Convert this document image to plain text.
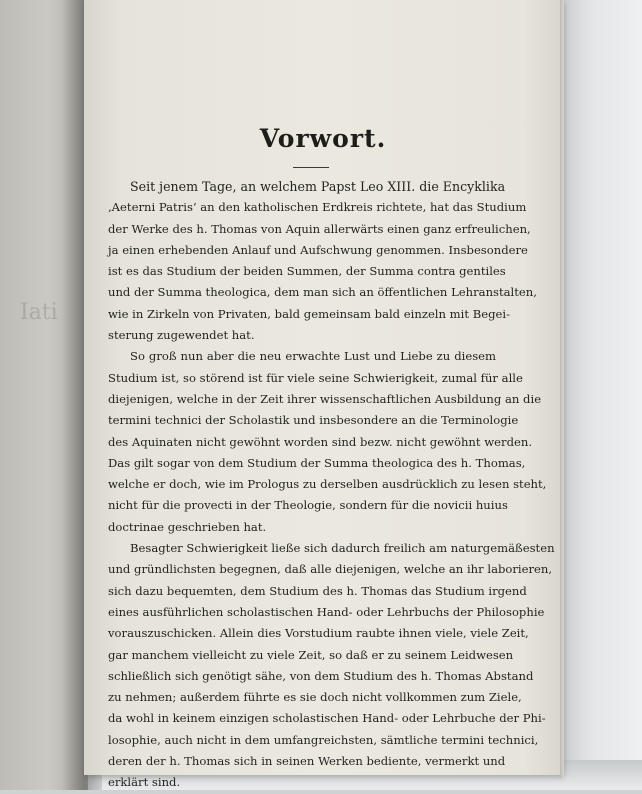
Iati
Vorwort.
Seit jenem Tage, an welchem Papst Leo XIII. die Encyklika
‚Aeterni Patris‘ an den katholischen Erdkreis richtete, hat das Studium
der Werke des h. Thomas von Aquin allerwärts einen ganz erfreulichen,
ja einen erhebenden Anlauf und Aufschwung genommen. Insbesondere
ist es das Studium der beiden Summen, der Summa contra gentiles
und der Summa theologica, dem man sich an öffentlichen Lehranstalten,
wie in Zirkeln von Privaten, bald gemeinsam bald einzeln mit Begei-
sterung zugewendet hat.
So groß nun aber die neu erwachte Lust und Liebe zu diesem
Studium ist, so störend ist für viele seine Schwierigkeit, zumal für alle
diejenigen, welche in der Zeit ihrer wissenschaftlichen Ausbildung an die
termini technici der Scholastik und insbesondere an die Terminologie
des Aquinaten nicht gewöhnt worden sind bezw. nicht gewöhnt werden.
Das gilt sogar von dem Studium der Summa theologica des h. Thomas,
welche er doch, wie im Prologus zu derselben ausdrücklich zu lesen steht,
nicht für die provecti in der Theologie, sondern für die novicii huius
doctrinae geschrieben hat.
Besagter Schwierigkeit ließe sich dadurch freilich am naturgemäßesten
und gründlichsten begegnen, daß alle diejenigen, welche an ihr laborieren,
sich dazu bequemten, dem Studium des h. Thomas das Studium irgend
eines ausführlichen scholastischen Hand- oder Lehrbuchs der Philosophie
vorauszuschicken. Allein dies Vorstudium raubte ihnen viele, viele Zeit,
gar manchem vielleicht zu viele Zeit, so daß er zu seinem Leidwesen
schließlich sich genötigt sähe, von dem Studium des h. Thomas Abstand
zu nehmen; außerdem führte es sie doch nicht vollkommen zum Ziele,
da wohl in keinem einzigen scholastischen Hand- oder Lehrbuche der Phi-
losophie, auch nicht in dem umfangreichsten, sämtliche termini technici,
deren der h. Thomas sich in seinen Werken bediente, vermerkt und
erklärt sind.
